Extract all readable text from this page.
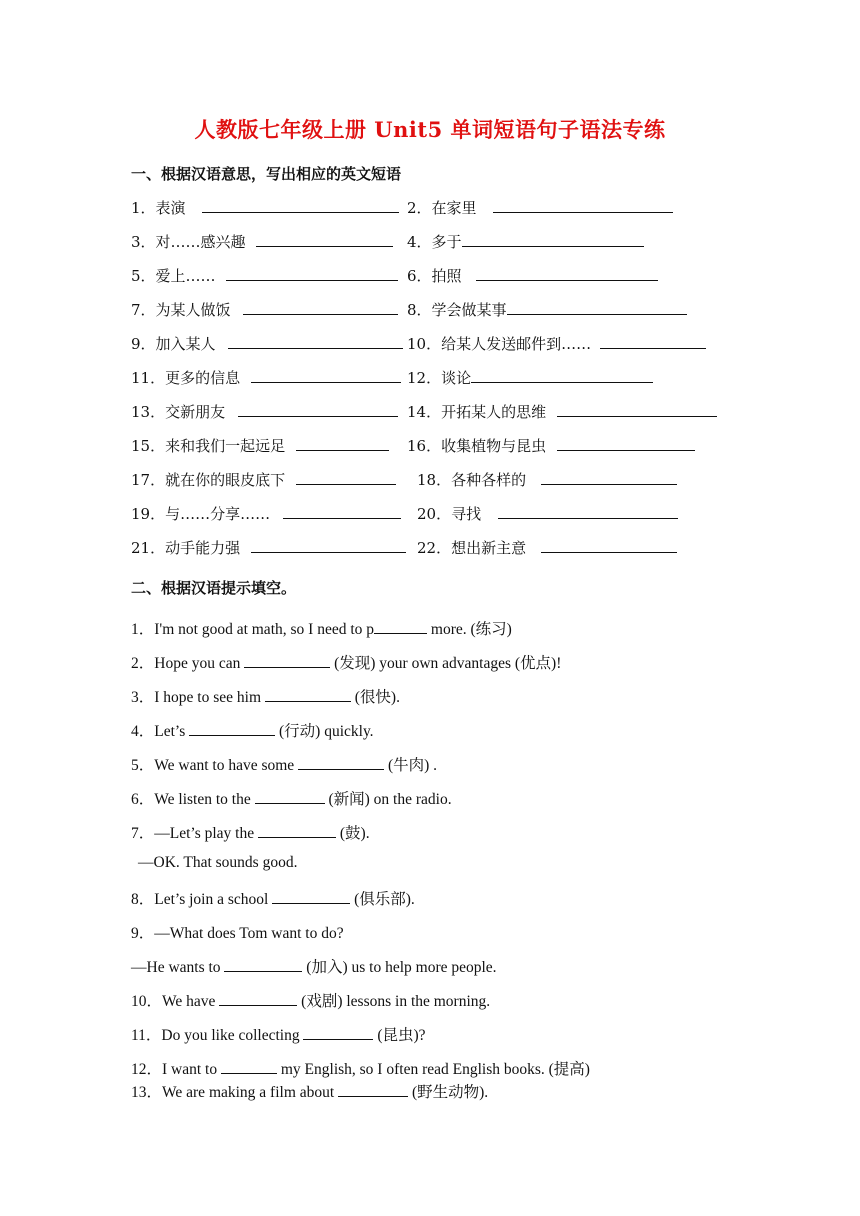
人教版七年级上册 Unit5 单词短语句子语法专练
一、根据汉语意思，写出相应的英文短语
1．表演	2．在家里
3．对……感兴趣	4．多于
5．爱上……	6．拍照
7．为某人做饭	8．学会做某事
9．加入某人	10．给某人发送邮件到……
11．更多的信息	12．谈论
13．交新朋友	14．开拓某人的思维
15．来和我们一起远足	16．收集植物与昆虫
17．就在你的眼皮底下	18．各种各样的
19．与……分享……	20．寻找
21．动手能力强	22．想出新主意
二、根据汉语提示填空。
1．I'm not good at math, so I need to p	more. (练习)
2．Hope you can	(发现) your own advantages (优点)!
3．I hope to see him	(很快).
4．Let’s	(行动) quickly.
5．We want to have some	(牛肉) .
6．We listen to the	(新闻) on the radio.
7．—Let’s play the	(鼓).
—OK. That sounds good.
8．Let’s join a school	(俱乐部).
9．—What does Tom want to do?
—He wants to	(加入) us to help more people.
10．We have	(戏剧) lessons in the morning.
11．Do you like collecting	(昆虫)?
12．I want to	my English, so I often read English books. (提高)
13．We are making a film about	(野生动物).
